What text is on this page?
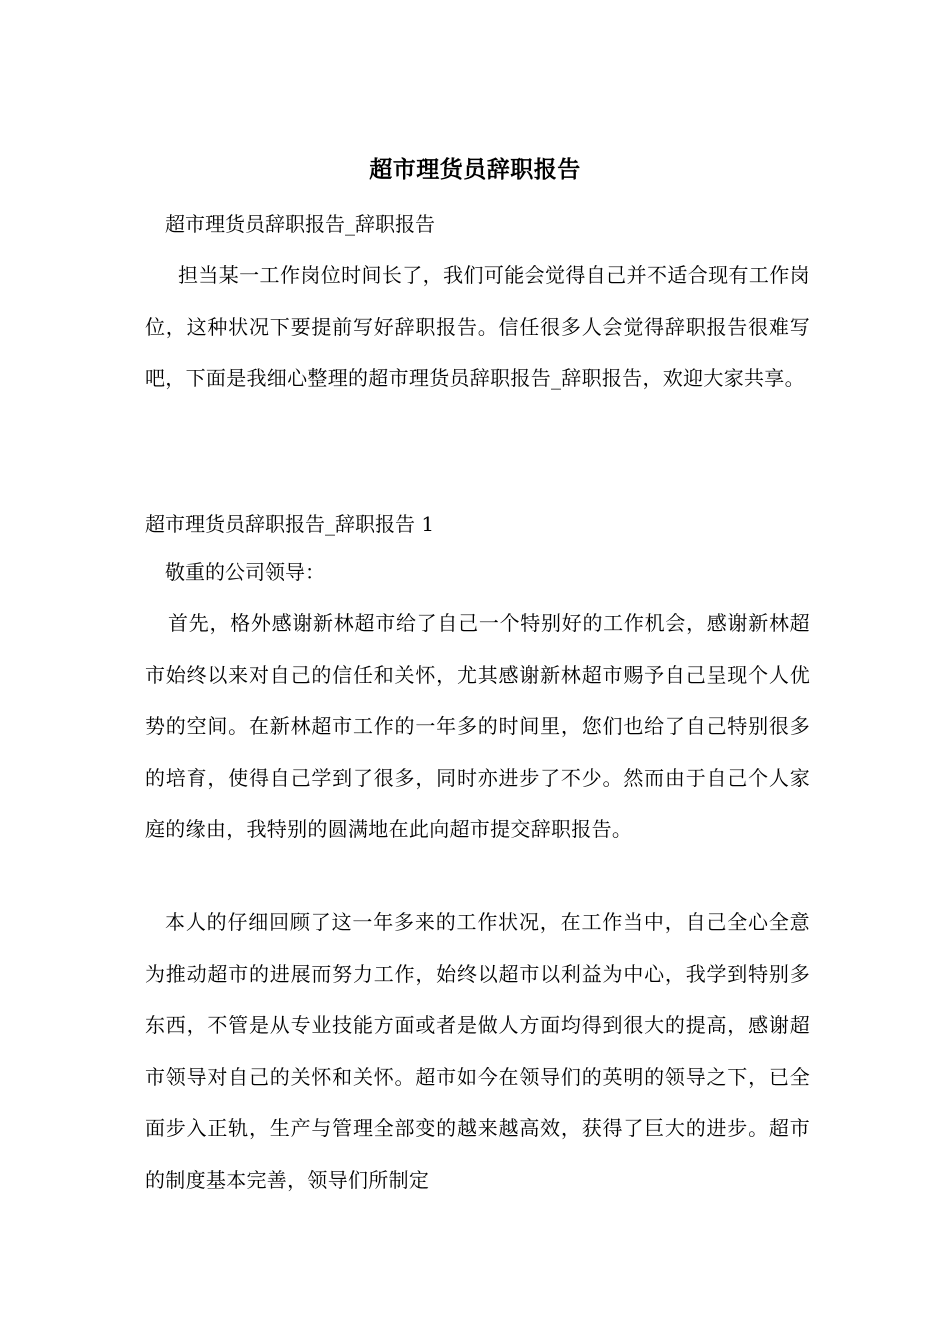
超市理货员辞职报告
超市理货员辞职报告_辞职报告
担当某一工作岗位时间长了，我们可能会觉得自己并不适合现有工作岗位，这种状况下要提前写好辞职报告。信任很多人会觉得辞职报告很难写吧，下面是我细心整理的超市理货员辞职报告_辞职报告，欢迎大家共享。
超市理货员辞职报告_辞职报告 1
敬重的公司领导：
首先，格外感谢新林超市给了自己一个特别好的工作机会，感谢新林超市始终以来对自己的信任和关怀，尤其感谢新林超市赐予自己呈现个人优势的空间。在新林超市工作的一年多的时间里，您们也给了自己特别很多的培育，使得自己学到了很多，同时亦进步了不少。然而由于自己个人家庭的缘由，我特别的圆满地在此向超市提交辞职报告。
本人的仔细回顾了这一年多来的工作状况，在工作当中，自己全心全意为推动超市的进展而努力工作，始终以超市以利益为中心，我学到特别多东西，不管是从专业技能方面或者是做人方面均得到很大的提高，感谢超市领导对自己的关怀和关怀。超市如今在领导们的英明的领导之下，已全面步入正轨，生产与管理全部变的越来越高效，获得了巨大的进步。超市的制度基本完善，领导们所制定
